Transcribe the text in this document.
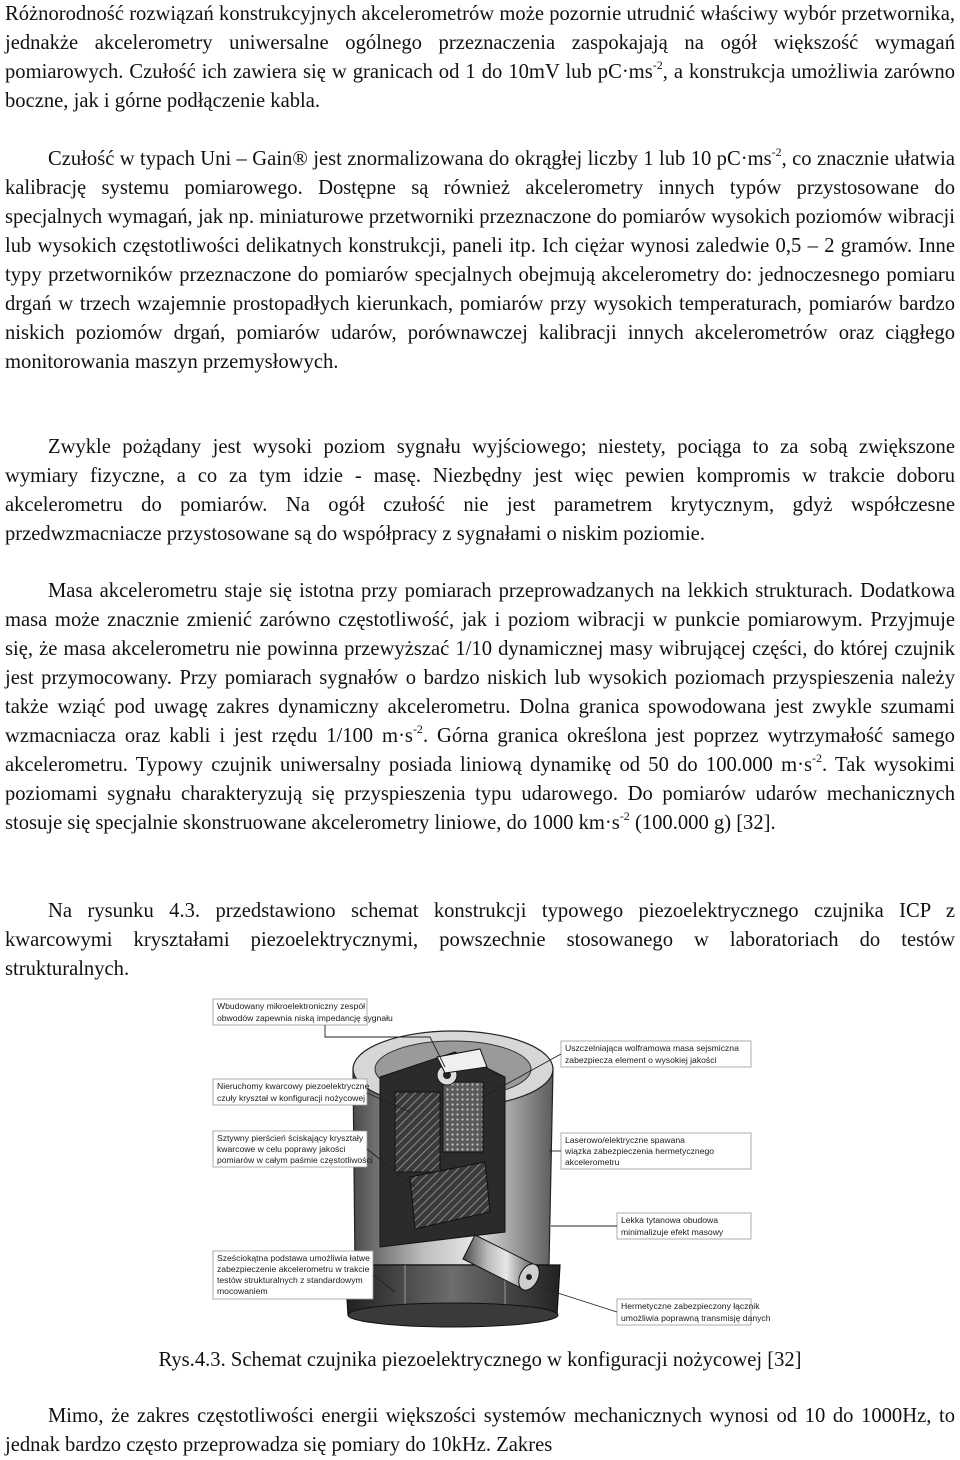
Różnorodność rozwiązań konstrukcyjnych akcelerometrów może pozornie utrudnić właściwy wybór przetwornika, jednakże akcelerometry uniwersalne ogólnego przeznaczenia zaspokajają na ogół większość wymagań pomiarowych. Czułość ich zawiera się w granicach od 1 do 10mV lub $pC\cdot ms^{-2}$, a konstrukcja umożliwia zarówno boczne, jak i górne podłączenie kabla.

Czułość w typach Uni – Gain® jest znormalizowana do okrągłej liczby 1 lub 10 $pC\cdot ms^{-2}$, co znacznie ułatwia kalibrację systemu pomiarowego. Dostępne są również akcelerometry innych typów przystosowane do specjalnych wymagań, jak np. miniaturowe przetworniki przeznaczone do pomiarów wysokich poziomów wibracji lub wysokich częstotliwości delikatnych konstrukcji, paneli itp. Ich ciężar wynosi zaledwie 0,5 – 2 gramów. Inne typy przetworników przeznaczone do pomiarów specjalnych obejmują akcelerometry do: jednoczesnego pomiaru drgań w trzech wzajemnie prostopadłych kierunkach, pomiarów przy wysokich temperaturach, pomiarów bardzo niskich poziomów drgań, pomiarów udarów, porównawczej kalibracji innych akcelerometrów oraz ciągłego monitorowania maszyn przemysłowych.

Zwykle pożądany jest wysoki poziom sygnału wyjściowego; niestety, pociąga to za sobą zwiększone wymiary fizyczne, a co za tym idzie - masę. Niezbędny jest więc pewien kompromis w trakcie doboru akcelerometru do pomiarów. Na ogół czułość nie jest parametrem krytycznym, gdyż współczesne przedwzmacniacze przystosowane są do współpracy z sygnałami o niskim poziomie.

Masa akcelerometru staje się istotna przy pomiarach przeprowadzanych na lekkich strukturach. Dodatkowa masa może znacznie zmienić zarówno częstotliwość, jak i poziom wibracji w punkcie pomiarowym. Przyjmuje się, że masa akcelerometru nie powinna przewyższać 1/10 dynamicznej masy wibrującej części, do której czujnik jest przymocowany. Przy pomiarach sygnałów o bardzo niskich lub wysokich poziomach przyspieszenia należy także wziąć pod uwagę zakres dynamiczny akcelerometru. Dolna granica spowodowana jest zwykle szumami wzmacniacza oraz kabli i jest rzędu 1/100 $m\cdot s^{-2}$. Górna granica określona jest poprzez wytrzymałość samego akcelerometru. Typowy czujnik uniwersalny posiada liniową dynamikę od 50 do 100.000 $m\cdot s^{-2}$. Tak wysokimi poziomami sygnału charakteryzują się przyspieszenia typu udarowego. Do pomiarów udarów mechanicznych stosuje się specjalnie skonstruowane akcelerometry liniowe, do 1000 $km\cdot s^{-2}$ (100.000 g) [32].

Na rysunku 4.3. przedstawiono schemat konstrukcji typowego piezoelektrycznego czujnika ICP z kwarcowymi kryształami piezoelektrycznymi, powszechnie stosowanego w laboratoriach do testów strukturalnych.

Wbudowany mikroelektroniczny zespół
obwodów zapewnia niską impedancję sygnału
Nieruchomy kwarcowy piezoelektryczne
czuły kryształ w konfiguracji nożycowej
Sztywny pierścień ściskający kryształy
kwarcowe w celu poprawy jakości
pomiarów w całym paśmie częstotliwości
Sześciokątna podstawa umożliwia łatwe
zabezpieczenie akcelerometru w trakcie
testów strukturalnych z standardowym
mocowaniem
Uszczelniająca wolframowa masa sejsmiczna
zabezpiecza element o wysokiej jakości
Laserowo/elektryczne spawana
wiązka zabezpieczenia hermetycznego
akcelerometru
Lekka tytanowa obudowa
minimalizuje efekt masowy
Hermetyczne zabezpieczony łącznik
umożliwia poprawną transmisję danych

Rys.4.3. Schemat czujnika piezoelektrycznego w konfiguracji nożycowej [32]

Mimo, że zakres częstotliwości energii większości systemów mechanicznych wynosi od 10 do 1000Hz, to jednak bardzo często przeprowadza się pomiary do 10kHz. Zakres
